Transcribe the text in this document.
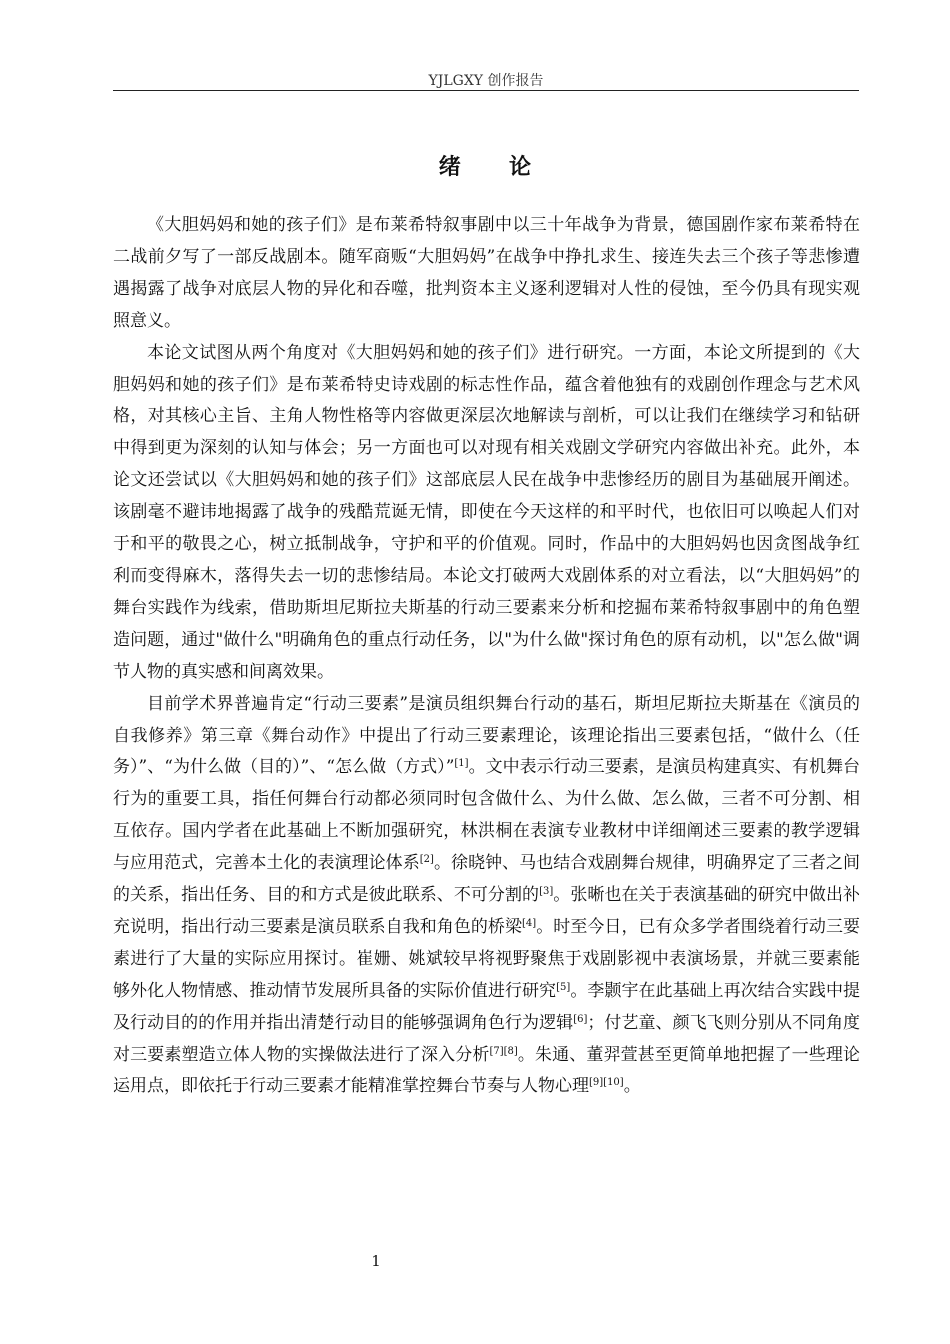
YJLGXY 创作报告
绪 论

《大胆妈妈和她的孩子们》是布莱希特叙事剧中以三十年战争为背景，德国剧作家布莱希特在二战前夕写了一部反战剧本。随军商贩“大胆妈妈”在战争中挣扎求生、接连失去三个孩子等悲惨遭遇揭露了战争对底层人物的异化和吞噬，批判资本主义逐利逻辑对人性的侵蚀，至今仍具有现实观照意义。

本论文试图从两个角度对《大胆妈妈和她的孩子们》进行研究。一方面，本论文所提到的《大胆妈妈和她的孩子们》是布莱希特史诗戏剧的标志性作品，蕴含着他独有的戏剧创作理念与艺术风格，对其核心主旨、主角人物性格等内容做更深层次地解读与剖析，可以让我们在继续学习和钻研中得到更为深刻的认知与体会；另一方面也可以对现有相关戏剧文学研究内容做出补充。此外，本论文还尝试以《大胆妈妈和她的孩子们》这部底层人民在战争中悲惨经历的剧目为基础展开阐述。该剧毫不避讳地揭露了战争的残酷荒诞无情，即使在今天这样的和平时代，也依旧可以唤起人们对于和平的敬畏之心，树立抵制战争，守护和平的价值观。同时，作品中的大胆妈妈也因贪图战争红利而变得麻木，落得失去一切的悲惨结局。本论文打破两大戏剧体系的对立看法，以“大胆妈妈”的舞台实践作为线索，借助斯坦尼斯拉夫斯基的行动三要素来分析和挖掘布莱希特叙事剧中的角色塑造问题，通过"做什么"明确角色的重点行动任务，以"为什么做"探讨角色的原有动机，以"怎么做"调节人物的真实感和间离效果。

目前学术界普遍肯定“行动三要素”是演员组织舞台行动的基石，斯坦尼斯拉夫斯基在《演员的自我修养》第三章《舞台动作》中提出了行动三要素理论，该理论指出三要素包括，“做什么（任务）”、“为什么做（目的）”、“怎么做（方式）”[1]。文中表示行动三要素，是演员构建真实、有机舞台行为的重要工具，指任何舞台行动都必须同时包含做什么、为什么做、怎么做，三者不可分割、相互依存。国内学者在此基础上不断加强研究，林洪桐在表演专业教材中详细阐述三要素的教学逻辑与应用范式，完善本土化的表演理论体系[2]。徐晓钟、马也结合戏剧舞台规律，明确界定了三者之间的关系，指出任务、目的和方式是彼此联系、不可分割的[3]。张晰也在关于表演基础的研究中做出补充说明，指出行动三要素是演员联系自我和角色的桥梁[4]。时至今日，已有众多学者围绕着行动三要素进行了大量的实际应用探讨。崔姗、姚斌较早将视野聚焦于戏剧影视中表演场景，并就三要素能够外化人物情感、推动情节发展所具备的实际价值进行研究[5]。李颢宇在此基础上再次结合实践中提及行动目的的作用并指出清楚行动目的能够强调角色行为逻辑[6]；付艺童、颜飞飞则分别从不同角度对三要素塑造立体人物的实操做法进行了深入分析[7][8]。朱通、董羿萱甚至更简单地把握了一些理论运用点，即依托于行动三要素才能精准掌控舞台节奏与人物心理[9][10]。

1
